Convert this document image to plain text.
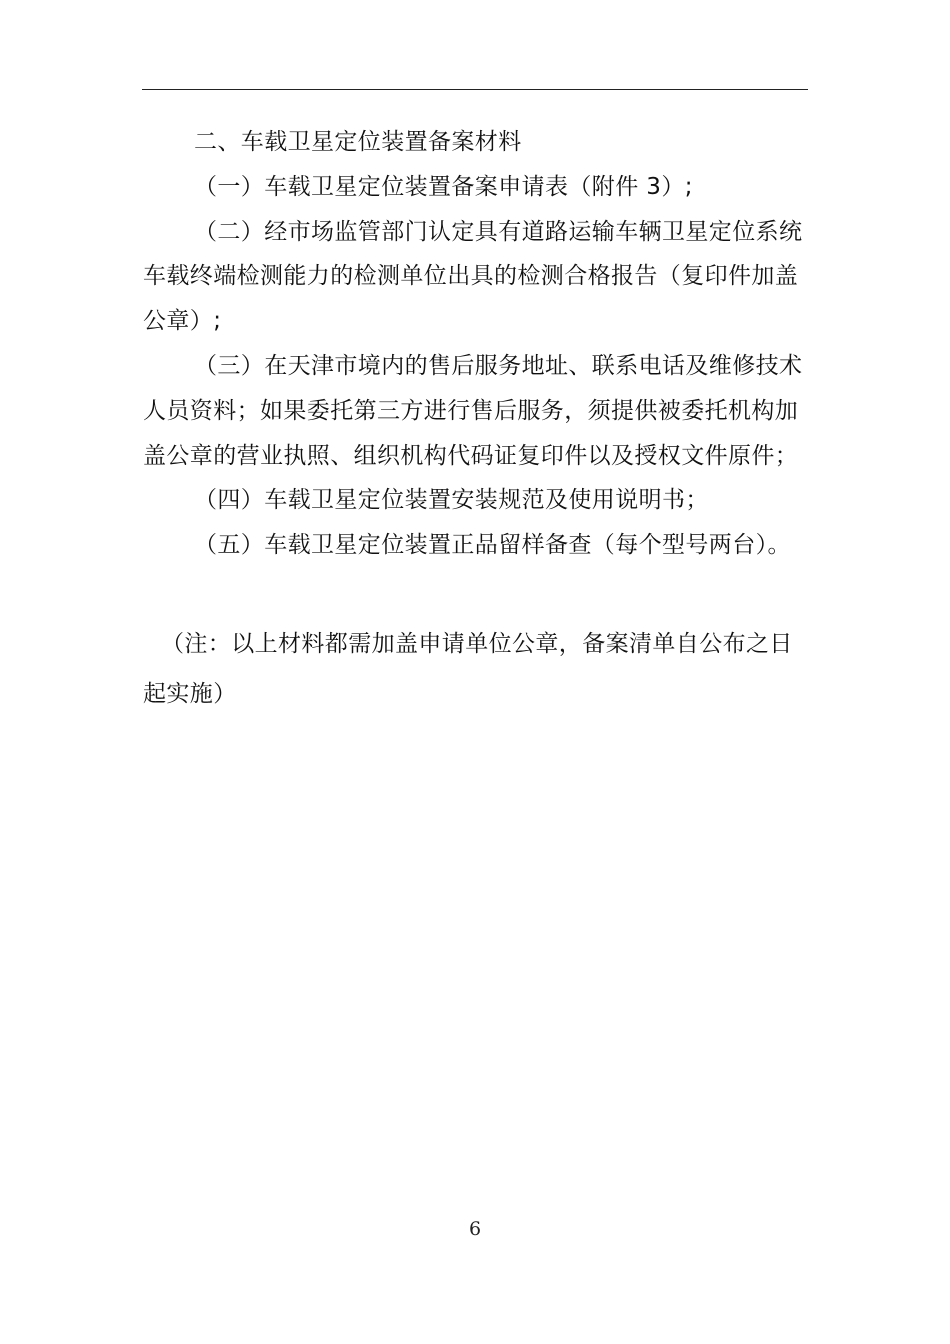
二、车载卫星定位装置备案材料

（一）车载卫星定位装置备案申请表（附件 3）;

（二）经市场监管部门认定具有道路运输车辆卫星定位系统车载终端检测能力的检测单位出具的检测合格报告（复印件加盖公章）;

（三）在天津市境内的售后服务地址、联系电话及维修技术人员资料；如果委托第三方进行售后服务，须提供被委托机构加盖公章的营业执照、组织机构代码证复印件以及授权文件原件；

（四）车载卫星定位装置安装规范及使用说明书；

（五）车载卫星定位装置正品留样备查（每个型号两台）。

（注：以上材料都需加盖申请单位公章，备案清单自公布之日起实施）

6
